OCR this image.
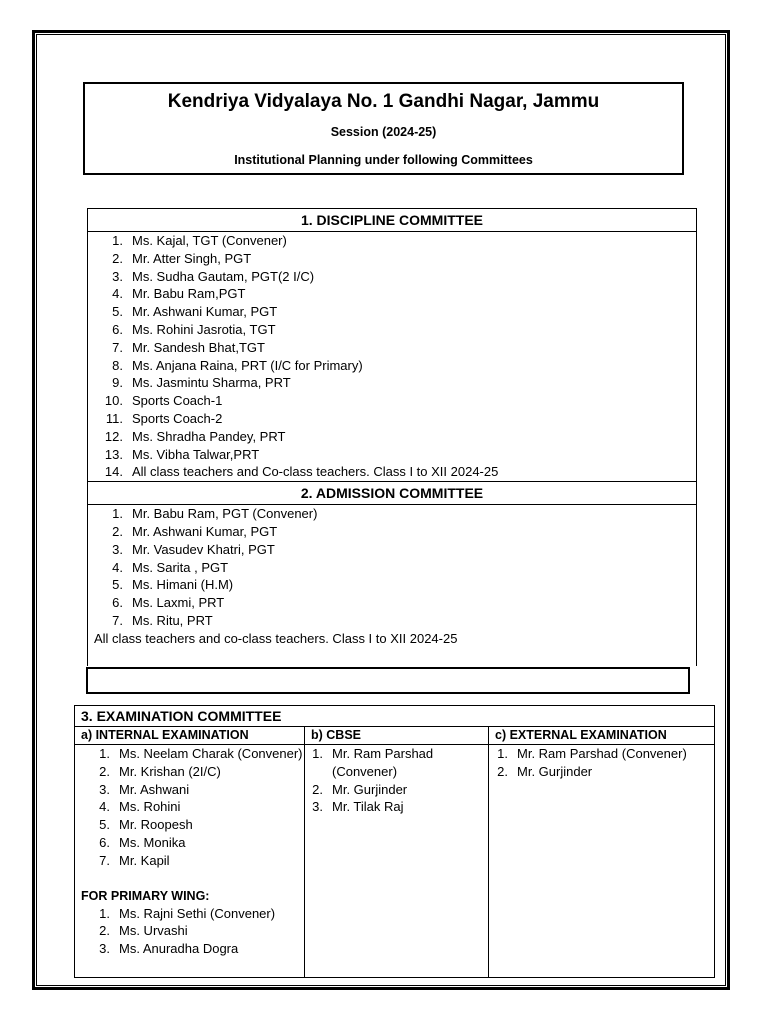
Kendriya Vidyalaya No. 1 Gandhi Nagar, Jammu
Session (2024-25)
Institutional Planning under following Committees
1. DISCIPLINE COMMITTEE
1. Ms. Kajal, TGT (Convener)
2. Mr. Atter Singh, PGT
3. Ms. Sudha Gautam, PGT(2 I/C)
4. Mr. Babu Ram,PGT
5. Mr. Ashwani Kumar, PGT
6. Ms. Rohini Jasrotia, TGT
7. Mr. Sandesh Bhat,TGT
8. Ms. Anjana Raina, PRT (I/C for Primary)
9. Ms. Jasmintu Sharma, PRT
10. Sports Coach-1
11. Sports Coach-2
12. Ms. Shradha Pandey, PRT
13. Ms. Vibha Talwar,PRT
14. All class teachers and Co-class teachers. Class I to XII 2024-25
2. ADMISSION COMMITTEE
1. Mr. Babu Ram, PGT (Convener)
2. Mr. Ashwani Kumar, PGT
3. Mr. Vasudev Khatri, PGT
4. Ms. Sarita , PGT
5. Ms. Himani (H.M)
6. Ms. Laxmi, PRT
7. Ms. Ritu, PRT
All class teachers and co-class teachers. Class I to XII 2024-25
3. EXAMINATION COMMITTEE
a) INTERNAL EXAMINATION
1. Ms. Neelam Charak (Convener)
2. Mr. Krishan (2I/C)
3. Mr. Ashwani
4. Ms. Rohini
5. Mr. Roopesh
6. Ms. Monika
7. Mr. Kapil
FOR PRIMARY WING:
1. Ms. Rajni Sethi (Convener)
2. Ms. Urvashi
3. Ms. Anuradha Dogra
b) CBSE
1. Mr. Ram Parshad (Convener)
2. Mr. Gurjinder
3. Mr. Tilak Raj
c) EXTERNAL EXAMINATION
1. Mr. Ram Parshad (Convener)
2. Mr. Gurjinder
